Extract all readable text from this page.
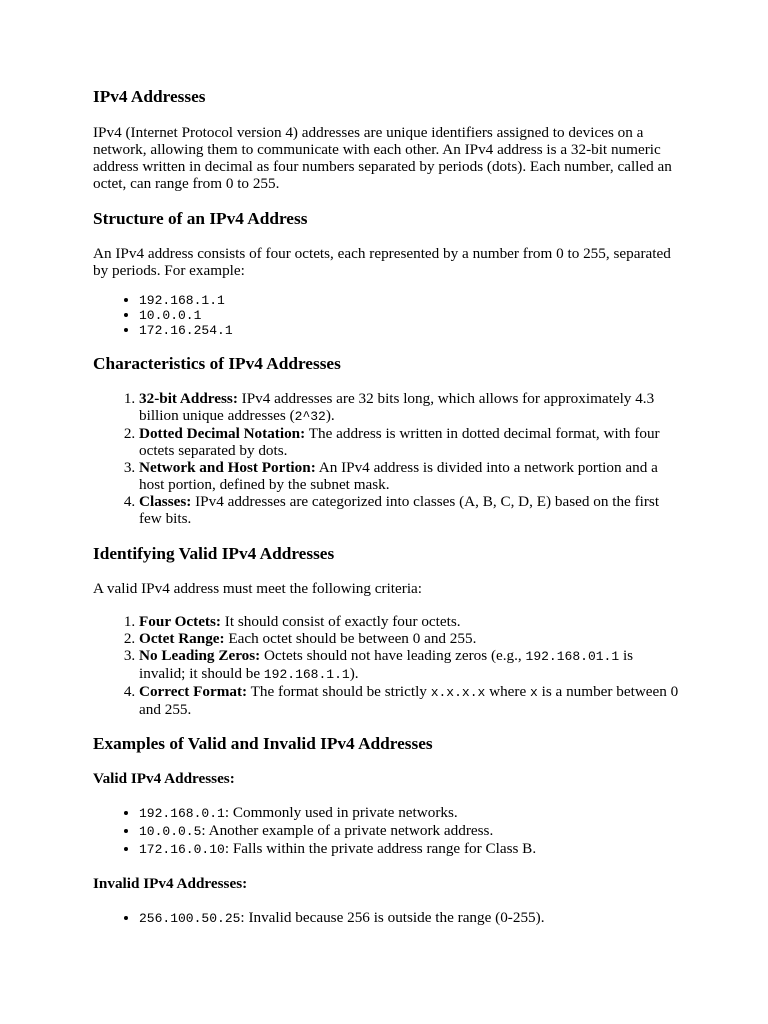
IPv4 Addresses

IPv4 (Internet Protocol version 4) addresses are unique identifiers assigned to devices on a network, allowing them to communicate with each other. An IPv4 address is a 32-bit numeric address written in decimal as four numbers separated by periods (dots). Each number, called an octet, can range from 0 to 255.

Structure of an IPv4 Address

An IPv4 address consists of four octets, each represented by a number from 0 to 255, separated by periods. For example:

• 192.168.1.1
• 10.0.0.1
• 172.16.254.1
Characteristics of IPv4 Addresses
1. 32-bit Address: IPv4 addresses are 32 bits long, which allows for approximately 4.3 billion unique addresses (2^32).
2. Dotted Decimal Notation: The address is written in dotted decimal format, with four octets separated by dots.
3. Network and Host Portion: An IPv4 address is divided into a network portion and a host portion, defined by the subnet mask.
4. Classes: IPv4 addresses are categorized into classes (A, B, C, D, E) based on the first few bits.
Identifying Valid IPv4 Addresses

A valid IPv4 address must meet the following criteria:

1. Four Octets: It should consist of exactly four octets.
2. Octet Range: Each octet should be between 0 and 255.
3. No Leading Zeros: Octets should not have leading zeros (e.g., 192.168.01.1 is invalid; it should be 192.168.1.1).
4. Correct Format: The format should be strictly x.x.x.x where x is a number between 0 and 255.
Examples of Valid and Invalid IPv4 Addresses
Valid IPv4 Addresses:
• 192.168.0.1: Commonly used in private networks.
• 10.0.0.5: Another example of a private network address.
• 172.16.0.10: Falls within the private address range for Class B.
Invalid IPv4 Addresses:
• 256.100.50.25: Invalid because 256 is outside the range (0-255).
